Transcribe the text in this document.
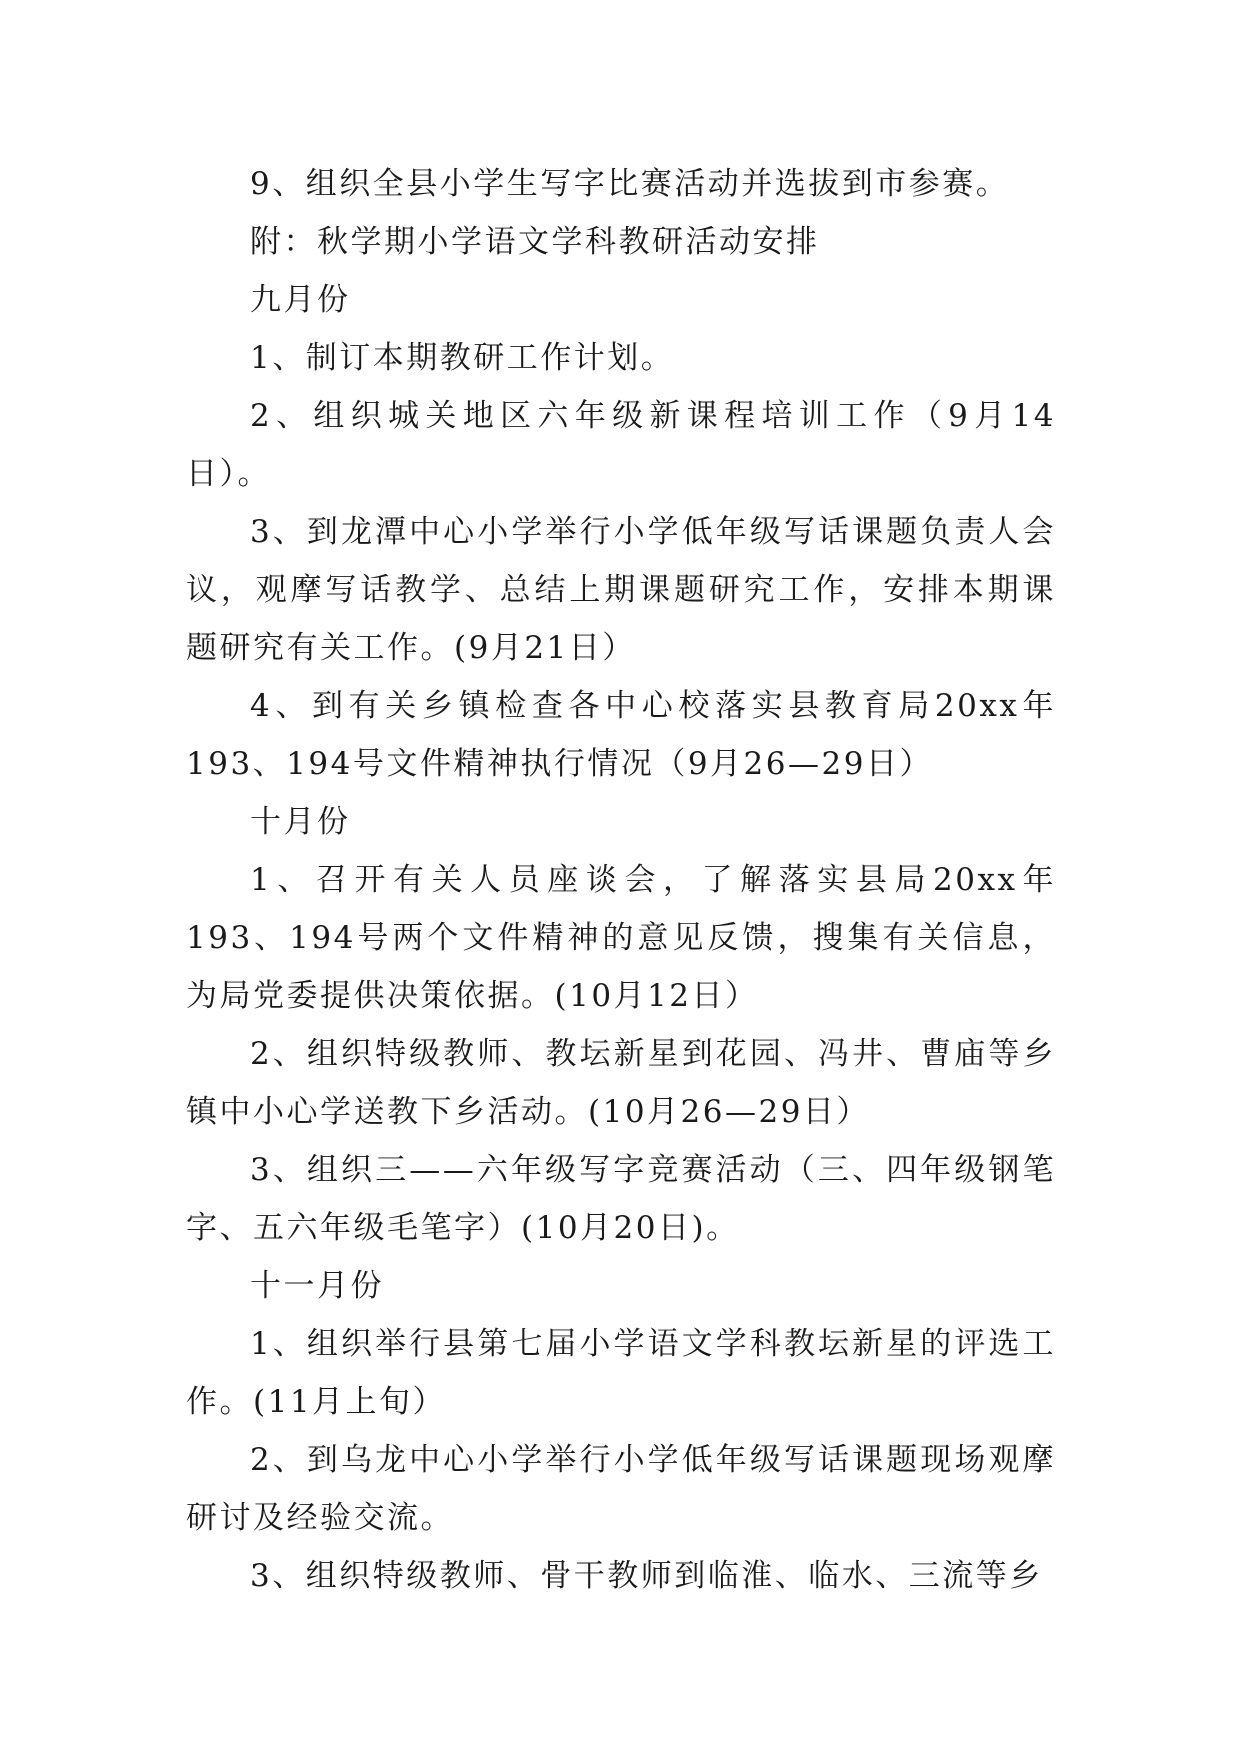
9、组织全县小学生写字比赛活动并选拔到市参赛。

附：秋学期小学语文学科教研活动安排

九月份

1、制订本期教研工作计划。

2、组织城关地区六年级新课程培训工作（9月14日）。

3、到龙潭中心小学举行小学低年级写话课题负责人会议，观摩写话教学、总结上期课题研究工作，安排本期课题研究有关工作。(9月21日）

4、到有关乡镇检查各中心校落实县教育局20xx年193、194号文件精神执行情况（9月26—29日）

十月份

1、召开有关人员座谈会，了解落实县局20xx年193、194号两个文件精神的意见反馈，搜集有关信息，为局党委提供决策依据。(10月12日）

2、组织特级教师、教坛新星到花园、冯井、曹庙等乡镇中小心学送教下乡活动。(10月26—29日）

3、组织三——六年级写字竞赛活动（三、四年级钢笔字、五六年级毛笔字）(10月20日)。

十一月份

1、组织举行县第七届小学语文学科教坛新星的评选工作。(11月上旬）

2、到乌龙中心小学举行小学低年级写话课题现场观摩研讨及经验交流。

3、组织特级教师、骨干教师到临淮、临水、三流等乡
